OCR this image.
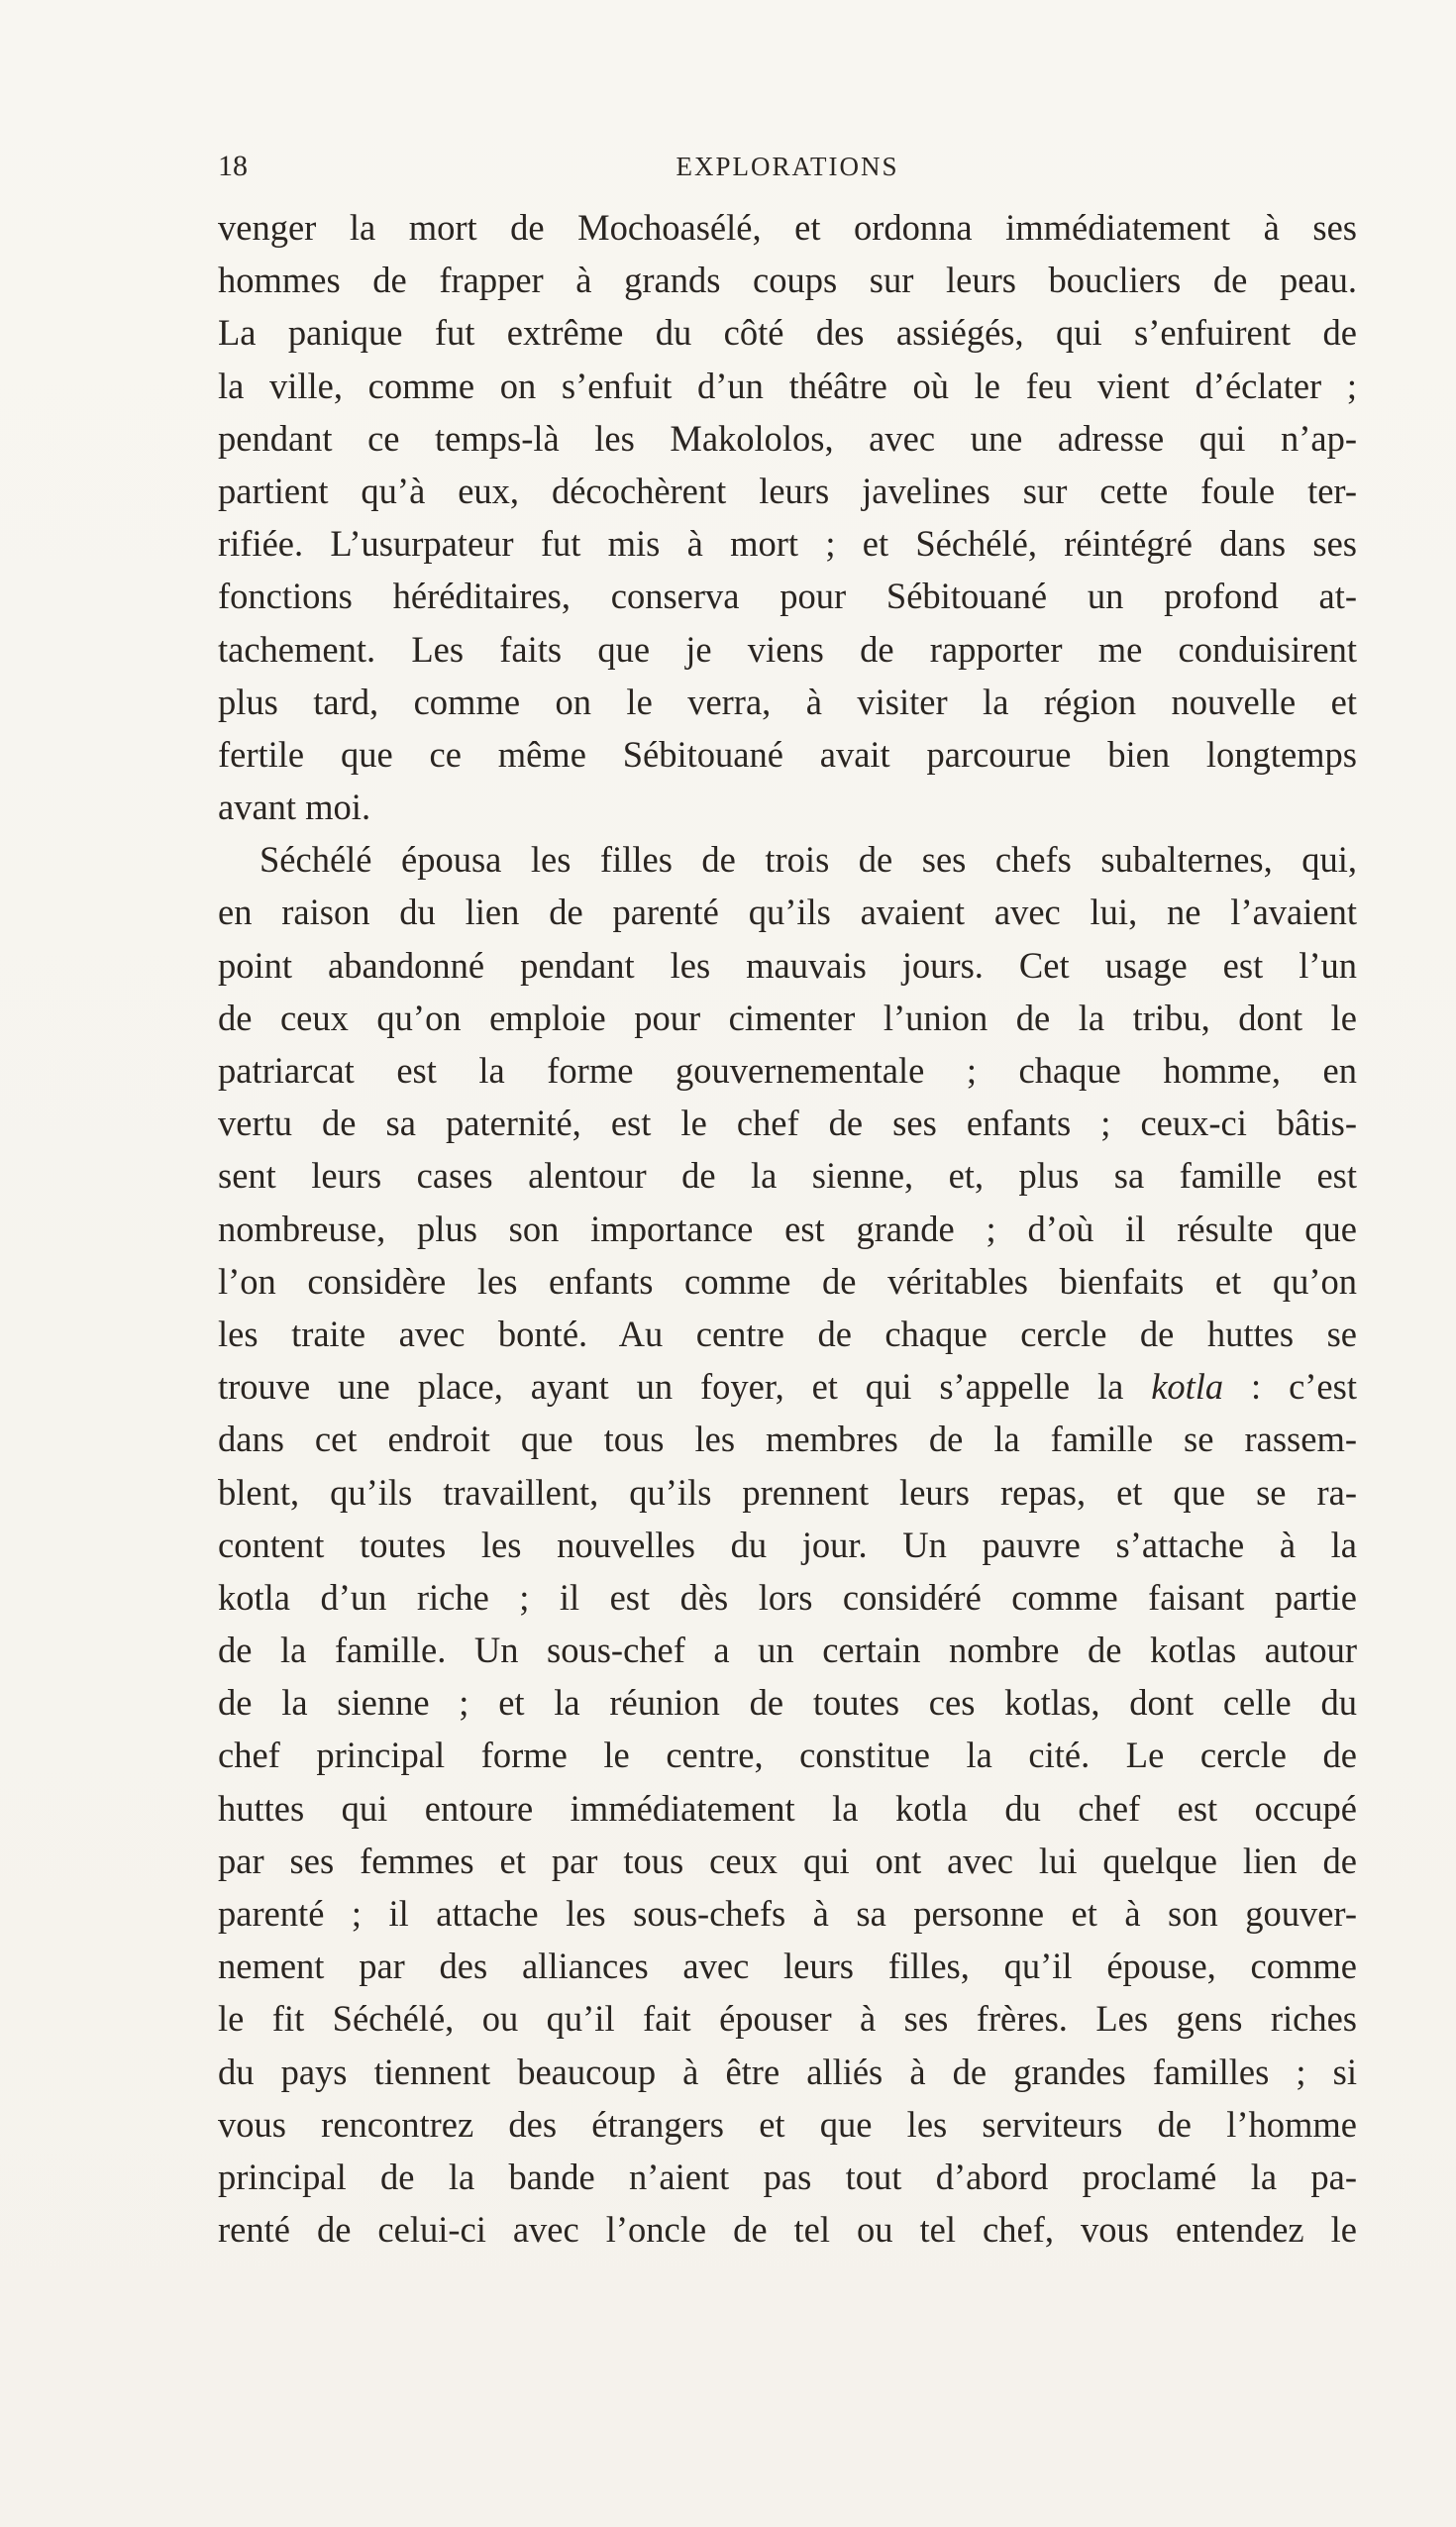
18	EXPLORATIONS
venger la mort de Mochoasélé, et ordonna immédiatement à ses
hommes de frapper à grands coups sur leurs boucliers de peau.
La panique fut extrême du côté des assiégés, qui s’enfuirent de
la ville, comme on s’enfuit d’un théâtre où le feu vient d’éclater ;
pendant ce temps-là les Makololos, avec une adresse qui n’ap-
partient qu’à eux, décochèrent leurs javelines sur cette foule ter-
rifiée. L’usurpateur fut mis à mort ; et Séchélé, réintégré dans ses
fonctions héréditaires, conserva pour Sébitouané un profond at-
tachement. Les faits que je viens de rapporter me conduisirent
plus tard, comme on le verra, à visiter la région nouvelle et
fertile que ce même Sébitouané avait parcourue bien longtemps
avant moi.
Séchélé épousa les filles de trois de ses chefs subalternes, qui,
en raison du lien de parenté qu’ils avaient avec lui, ne l’avaient
point abandonné pendant les mauvais jours. Cet usage est l’un
de ceux qu’on emploie pour cimenter l’union de la tribu, dont le
patriarcat est la forme gouvernementale ; chaque homme, en
vertu de sa paternité, est le chef de ses enfants ; ceux-ci bâtis-
sent leurs cases alentour de la sienne, et, plus sa famille est
nombreuse, plus son importance est grande ; d’où il résulte que
l’on considère les enfants comme de véritables bienfaits et qu’on
les traite avec bonté. Au centre de chaque cercle de huttes se
trouve une place, ayant un foyer, et qui s’appelle la kotla : c’est
dans cet endroit que tous les membres de la famille se rassem-
blent, qu’ils travaillent, qu’ils prennent leurs repas, et que se ra-
content toutes les nouvelles du jour. Un pauvre s’attache à la
kotla d’un riche ; il est dès lors considéré comme faisant partie
de la famille. Un sous-chef a un certain nombre de kotlas autour
de la sienne ; et la réunion de toutes ces kotlas, dont celle du
chef principal forme le centre, constitue la cité. Le cercle de
huttes qui entoure immédiatement la kotla du chef est occupé
par ses femmes et par tous ceux qui ont avec lui quelque lien de
parenté ; il attache les sous-chefs à sa personne et à son gouver-
nement par des alliances avec leurs filles, qu’il épouse, comme
le fit Séchélé, ou qu’il fait épouser à ses frères. Les gens riches
du pays tiennent beaucoup à être alliés à de grandes familles ; si
vous rencontrez des étrangers et que les serviteurs de l’homme
principal de la bande n’aient pas tout d’abord proclamé la pa-
renté de celui-ci avec l’oncle de tel ou tel chef, vous entendez le
